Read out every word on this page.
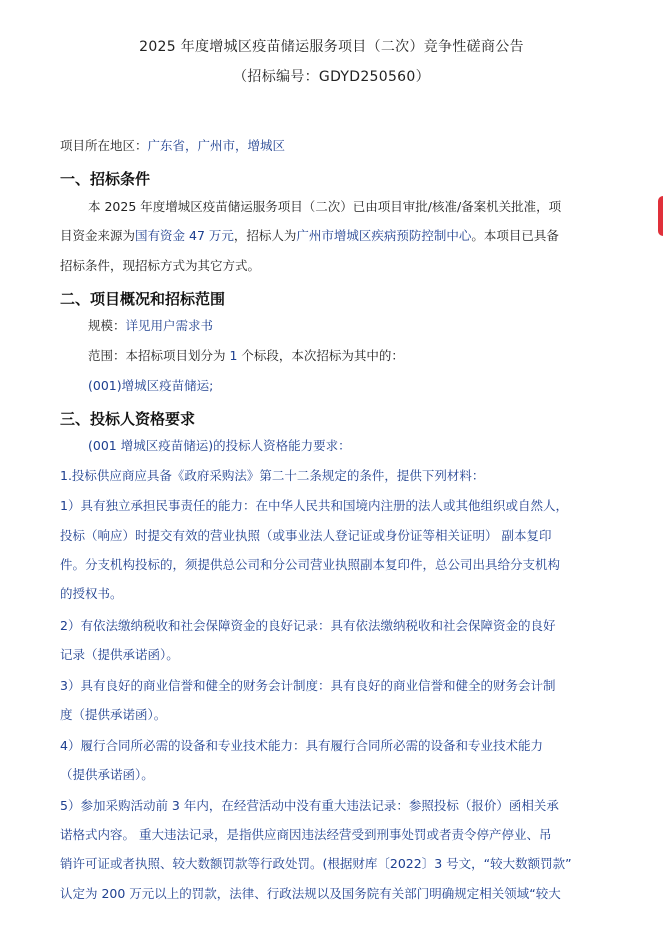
2025 年度增城区疫苗储运服务项目（二次）竞争性磋商公告
（招标编号：GDYD250560）
项目所在地区：广东省，广州市，增城区
一、招标条件
本 2025 年度增城区疫苗储运服务项目（二次）已由项目审批/核准/备案机关批准，项
目资金来源为国有资金 47 万元，招标人为广州市增城区疾病预防控制中心。本项目已具备
招标条件，现招标方式为其它方式。
二、项目概况和招标范围
规模：详见用户需求书
范围：本招标项目划分为 1 个标段，本次招标为其中的：
(001)增城区疫苗储运;
三、投标人资格要求
(001 增城区疫苗储运)的投标人资格能力要求：
1.投标供应商应具备《政府采购法》第二十二条规定的条件，提供下列材料：
1）具有独立承担民事责任的能力：在中华人民共和国境内注册的法人或其他组织或自然人，
投标（响应）时提交有效的营业执照（或事业法人登记证或身份证等相关证明） 副本复印
件。分支机构投标的，须提供总公司和分公司营业执照副本复印件，总公司出具给分支机构
的授权书。
2）有依法缴纳税收和社会保障资金的良好记录：具有依法缴纳税收和社会保障资金的良好
记录（提供承诺函）。
3）具有良好的商业信誉和健全的财务会计制度：具有良好的商业信誉和健全的财务会计制
度（提供承诺函）。
4）履行合同所必需的设备和专业技术能力：具有履行合同所必需的设备和专业技术能力
（提供承诺函）。
5）参加采购活动前 3 年内，在经营活动中没有重大违法记录：参照投标（报价）函相关承
诺格式内容。 重大违法记录，是指供应商因违法经营受到刑事处罚或者责令停产停业、吊
销许可证或者执照、较大数额罚款等行政处罚。(根据财库〔2022〕3 号文，“较大数额罚款”
认定为 200 万元以上的罚款，法律、行政法规以及国务院有关部门明确规定相关领域“较大
